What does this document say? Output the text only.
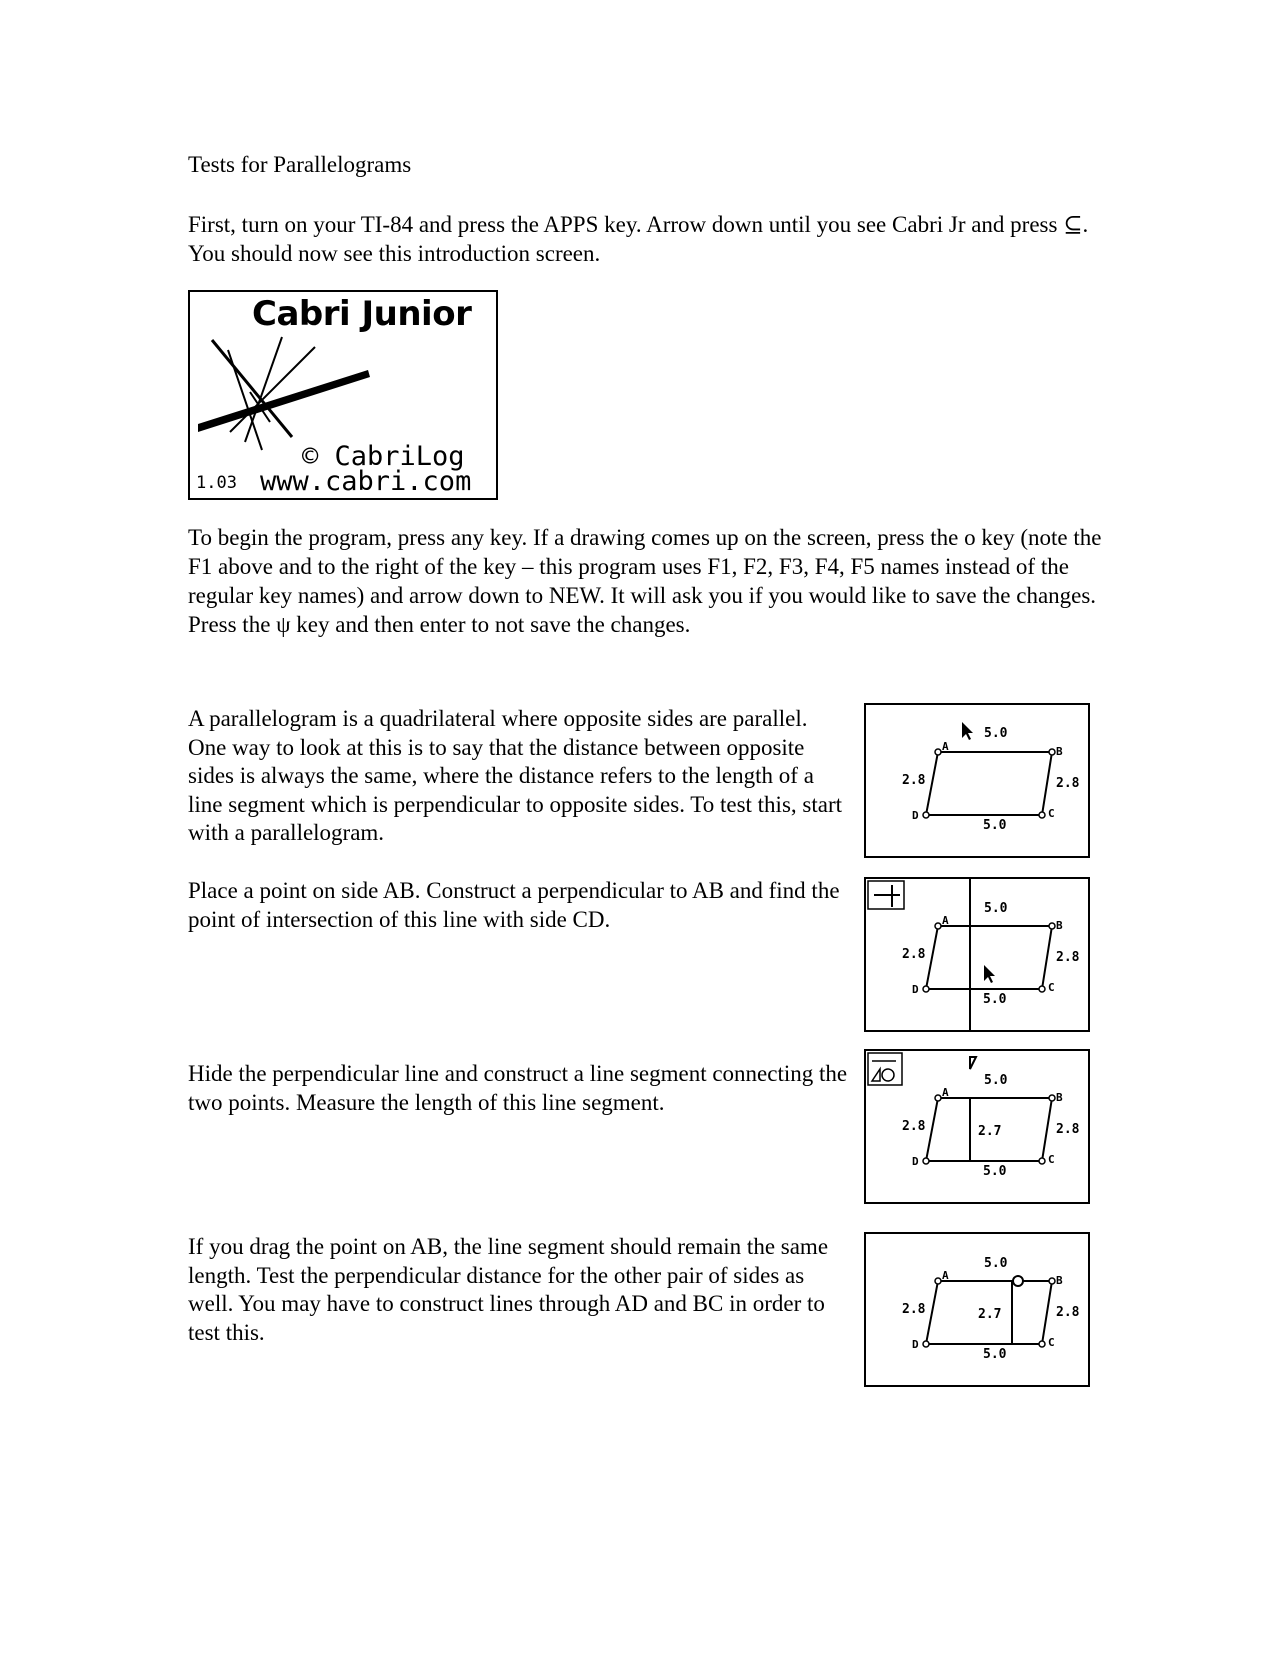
Tests for Parallelograms

First, turn on your TI-84 and press the APPS key. Arrow down until you see Cabri Jr and press ⊆. You should now see this introduction screen.

Cabri Junior
© CabriLog
1.03 www.cabri.com

To begin the program, press any key. If a drawing comes up on the screen, press the o key (note the F1 above and to the right of the key – this program uses F1, F2, F3, F4, F5 names instead of the regular key names) and arrow down to NEW. It will ask you if you would like to save the changes. Press the ψ key and then enter to not save the changes.

A parallelogram is a quadrilateral where opposite sides are parallel. One way to look at this is to say that the distance between opposite sides is always the same, where the distance refers to the length of a line segment which is perpendicular to opposite sides. To test this, start with a parallelogram.

Place a point on side AB. Construct a perpendicular to AB and find the point of intersection of this line with side CD.

Hide the perpendicular line and construct a line segment connecting the two points. Measure the length of this line segment.

If you drag the point on AB, the line segment should remain the same length. Test the perpendicular distance for the other pair of sides as well. You may have to construct lines through AD and BC in order to test this.

5.0
A	B
C
D
2.8	2.8
5.0
5.0
A	B
C
D
2.8	2.8
5.0
5.0
2.7
A	B
C
D
2.8	2.8
5.0
5.0
2.7
A	B
C
D
2.8	2.8
5.0
